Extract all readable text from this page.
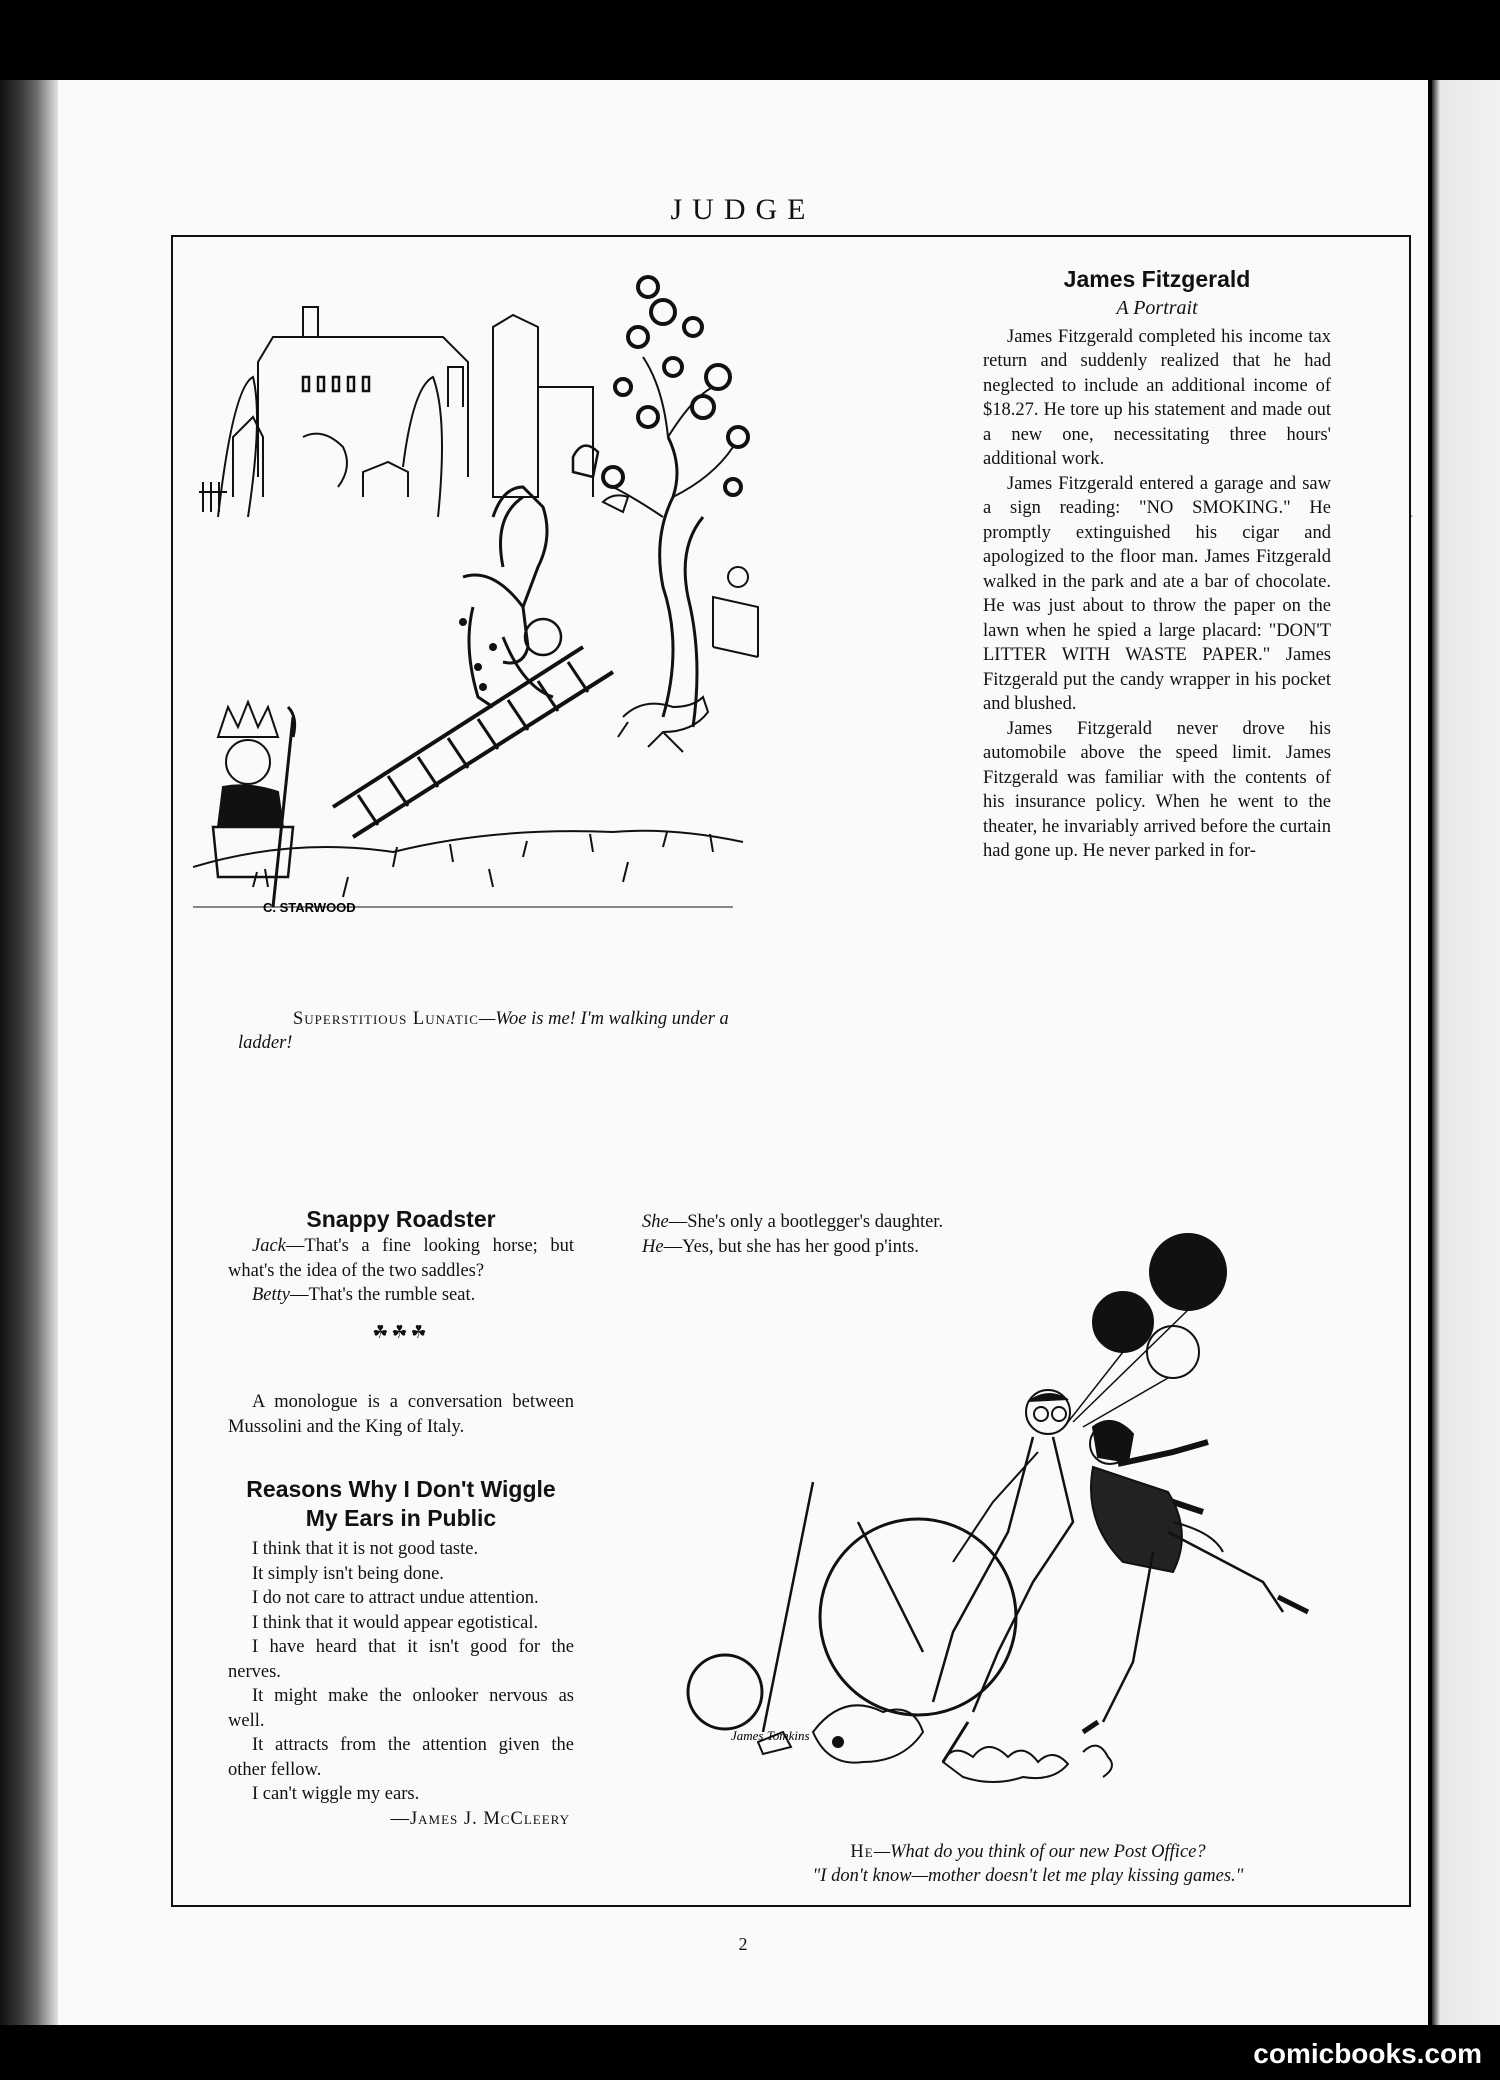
·
JUDGE
C. STARWOOD
Superstitious Lunatic—Woe is me! I'm walking under a ladder!
James Fitzgerald
A Portrait

James Fitzgerald completed his income tax return and suddenly realized that he had neglected to include an additional income of $18.27. He tore up his statement and made out a new one, necessitating three hours' additional work.

James Fitzgerald entered a garage and saw a sign reading: "NO SMOKING." He promptly extinguished his cigar and apologized to the floor man. James Fitzgerald walked in the park and ate a bar of chocolate. He was just about to throw the paper on the lawn when he spied a large placard: "DON'T LITTER WITH WASTE PAPER." James Fitzgerald put the candy wrapper in his pocket and blushed.

James Fitzgerald never drove his automobile above the speed limit. James Fitzgerald was familiar with the contents of his insurance policy. When he went to the theater, he invariably arrived before the curtain had gone up. He never parked in for-

Snappy Roadster

Jack—That's a fine looking horse; but what's the idea of the two saddles?

Betty—That's the rumble seat.

☘☘☘

A monologue is a conversation between Mussolini and the King of Italy.

Reasons Why I Don't Wiggle My Ears in Public

I think that it is not good taste.

It simply isn't being done.

I do not care to attract undue attention.

I think that it would appear egotistical.

I have heard that it isn't good for the nerves.

It might make the onlooker nervous as well.

It attracts from the attention given the other fellow.

I can't wiggle my ears.

—James J. McCleery

She—She's only a bootlegger's daughter.

He—Yes, but she has her good p'ints.

James Tomkins
He—What do you think of our new Post Office?
"I don't know—mother doesn't let me play kissing games."
2
comicbooks.com
